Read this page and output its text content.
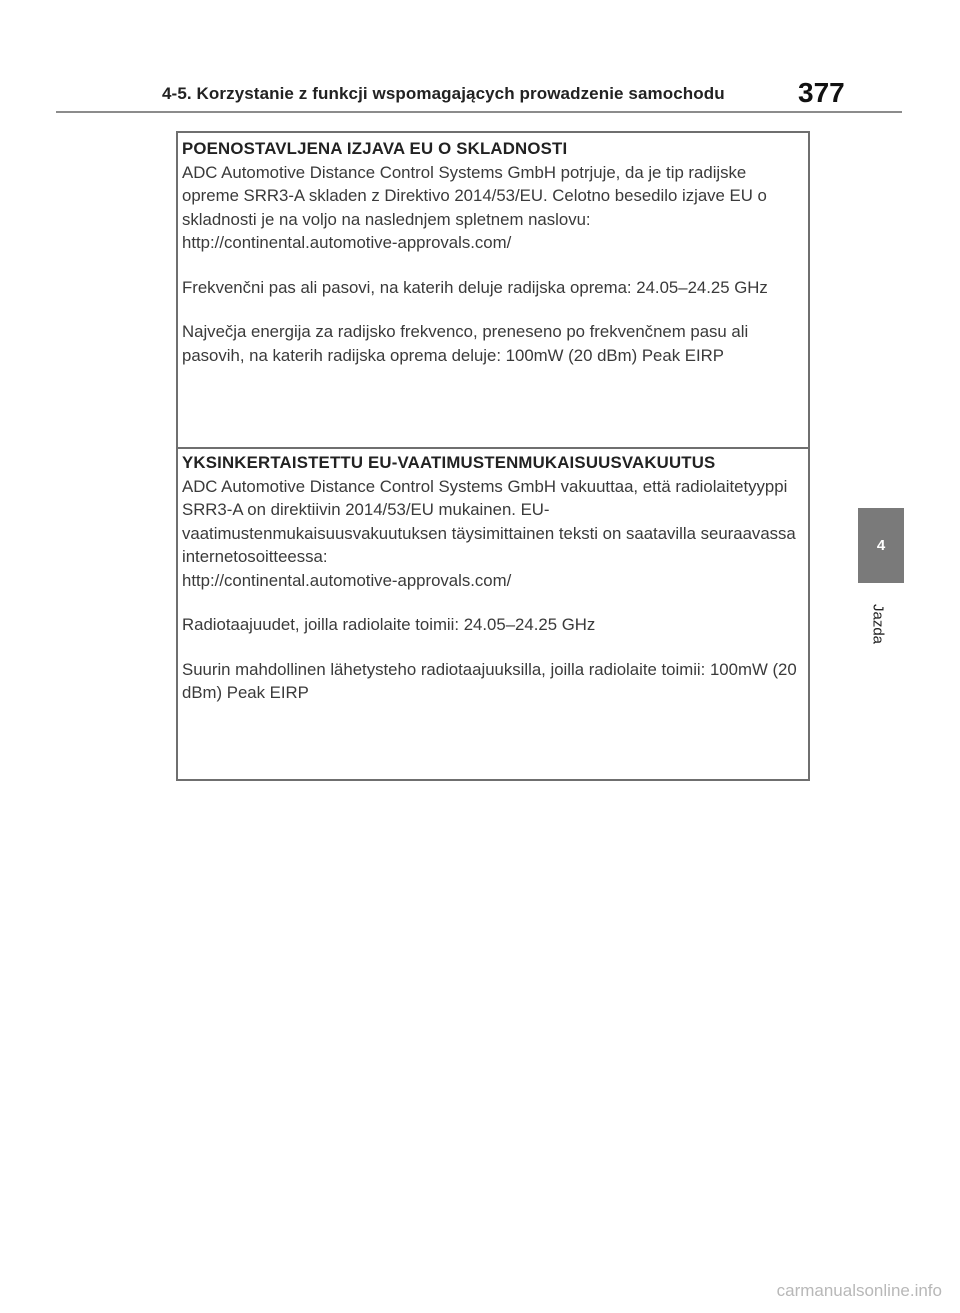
4-5. Korzystanie z funkcji wspomagających prowadzenie samochodu	377
4
Jazda
POENOSTAVLJENA IZJAVA EU O SKLADNOSTI

ADC Automotive Distance Control Systems GmbH potrjuje, da je tip radijske opreme SRR3-A skladen z Direktivo 2014/53/EU. Celotno besedilo izjave EU o skladnosti je na voljo na naslednjem spletnem naslovu:

http://continental.automotive-approvals.com/

Frekvenčni pas ali pasovi, na katerih deluje radijska oprema: 24.05–24.25 GHz

Največja energija za radijsko frekvenco, preneseno po frekvenčnem pasu ali pasovih, na katerih radijska oprema deluje: 100mW (20 dBm) Peak EIRP

YKSINKERTAISTETTU EU-VAATIMUSTENMUKAISUUSVAKUUTUS

ADC Automotive Distance Control Systems GmbH vakuuttaa, että radiolaitetyyppi SRR3-A on direktiivin 2014/53/EU mukainen. EU-vaatimustenmukaisuusvakuutuksen täysimittainen teksti on saatavilla seuraavassa internetosoitteessa:

http://continental.automotive-approvals.com/

Radiotaajuudet, joilla radiolaite toimii: 24.05–24.25 GHz

Suurin mahdollinen lähetysteho radiotaajuuksilla, joilla radiolaite toimii: 100mW (20 dBm) Peak EIRP

carmanualsonline.info
